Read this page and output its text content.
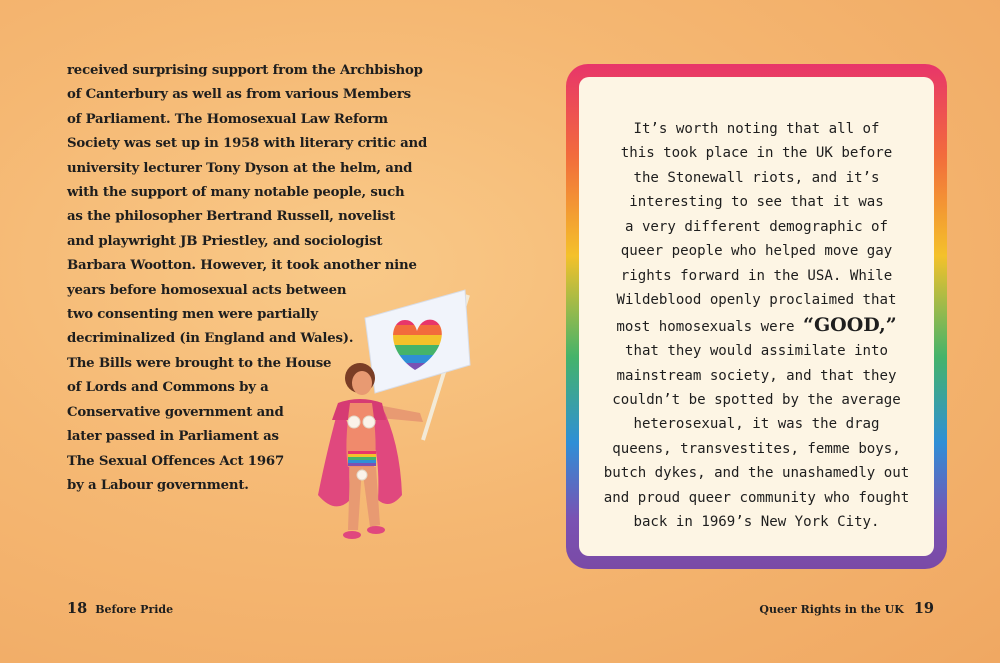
received surprising support from the Archbishop
of Canterbury as well as from various Members
of Parliament. The Homosexual Law Reform
Society was set up in 1958 with literary critic and
university lecturer Tony Dyson at the helm, and
with the support of many notable people, such
as the philosopher Bertrand Russell, novelist
and playwright JB Priestley, and sociologist
Barbara Wootton. However, it took another nine
years before homosexual acts between
two consenting men were partially
decriminalized (in England and Wales).
The Bills were brought to the House
of Lords and Commons by a
Conservative government and
later passed in Parliament as
The Sexual Offences Act 1967
by a Labour government.

18 Before Pride
It’s worth noting that all of
this took place in the UK before
the Stonewall riots, and it’s
interesting to see that it was
a very different demographic of
queer people who helped move gay
rights forward in the USA. While
Wildeblood openly proclaimed that
most homosexuals were “GOOD,”
that they would assimilate into
mainstream society, and that they
couldn’t be spotted by the average
heterosexual, it was the drag
queens, transvestites, femme boys,
butch dykes, and the unashamedly out
and proud queer community who fought
back in 1969’s New York City.
Queer Rights in the UK 19
